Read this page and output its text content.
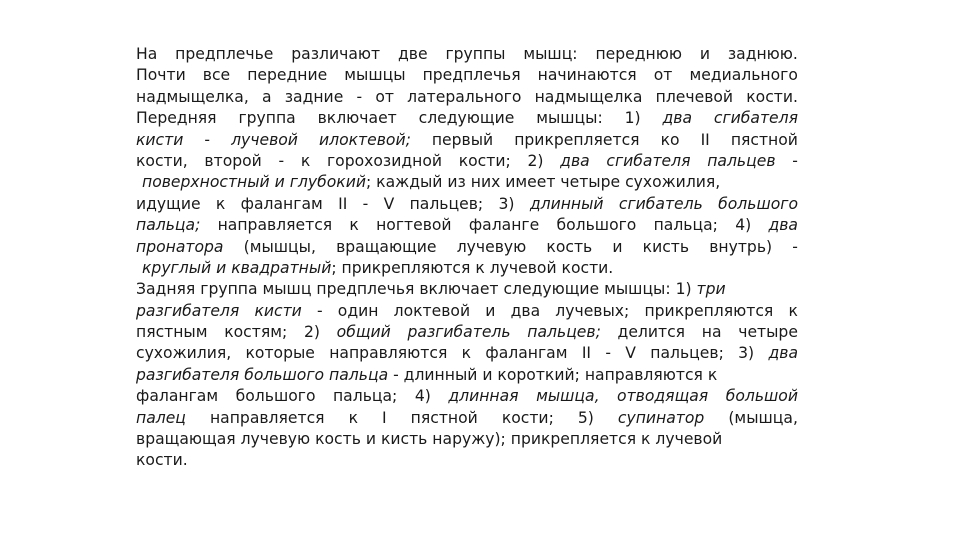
На предплечье различают две группы мышц: переднюю и заднюю.
Почти все передние мышцы предплечья начинаются от медиального
надмыщелка, а задние - от латерального надмыщелка плечевой кости.
Передняя группа включает следующие мышцы: 1) два сгибателя
кисти - лучевой илоктевой; первый прикрепляется ко II пястной
кости, второй - к горохозидной кости; 2) два сгибателя пальцев -
поверхностный и глубокий; каждый из них имеет четыре сухожилия,
идущие к фалангам II - V пальцев; 3) длинный сгибатель большого
пальца; направляется к ногтевой фаланге большого пальца; 4) два
пронатора (мышцы, вращающие лучевую кость и кисть внутрь) -
круглый и квадратный; прикрепляются к лучевой кости.
Задняя группа мышц предплечья включает следующие мышцы: 1) три
разгибателя кисти - один локтевой и два лучевых; прикрепляются к
пястным костям; 2) общий разгибатель пальцев; делится на четыре
сухожилия, которые направляются к фалангам II - V пальцев; 3) два
разгибателя большого пальца - длинный и короткий; направляются к
фалангам большого пальца; 4) длинная мышца, отводящая большой
палец направляется к I пястной кости; 5) супинатор (мышца,
вращающая лучевую кость и кисть наружу); прикрепляется к лучевой
кости.
